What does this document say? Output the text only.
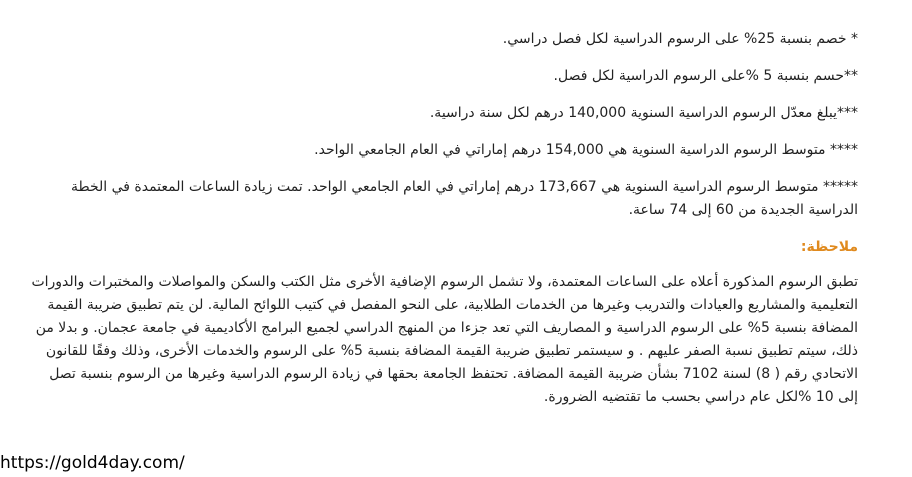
* خصم بنسبة 25% على الرسوم الدراسية لكل فصل دراسي.

**حسم بنسبة 5 %على الرسوم الدراسية لكل فصل.

***يبلغ معدّل الرسوم الدراسية السنوية 140,000 درهم لكل سنة دراسية.

**** متوسط الرسوم الدراسية السنوية هي 154,000 درهم إماراتي في العام الجامعي الواحد.

***** متوسط الرسوم الدراسية السنوية هي 173,667 درهم إماراتي في العام الجامعي الواحد. تمت زيادة الساعات المعتمدة في الخطة الدراسية الجديدة من 60 إلى 74 ساعة.

ملاحظة:

تطبق الرسوم المذكورة أعلاه على الساعات المعتمدة، ولا تشمل الرسوم الإضافية الأخرى مثل الكتب والسكن والمواصلات والمختبرات والدورات التعليمية والمشاريع والعيادات والتدريب وغيرها من الخدمات الطلابية، على النحو المفصل في كتيب اللوائح المالية. لن يتم تطبيق ضريبة القيمة المضافة بنسبة 5% على الرسوم الدراسية و المصاريف التي تعد جزءا من المنهج الدراسي لجميع البرامج الأكاديمية في جامعة عجمان. و بدلا من ذلك، سيتم تطبيق نسبة الصفر عليهم . و سيستمر تطبيق ضريبة القيمة المضافة بنسبة 5% على الرسوم والخدمات الأخرى، وذلك وفقًا للقانون الاتحادي رقم ( 8) لسنة 7102 بشأن ضريبة القيمة المضافة. تحتفظ الجامعة بحقها في زيادة الرسوم الدراسية وغيرها من الرسوم بنسبة تصل إلى 10 %لكل عام دراسي بحسب ما تقتضيه الضرورة.

https://gold4day.com/
